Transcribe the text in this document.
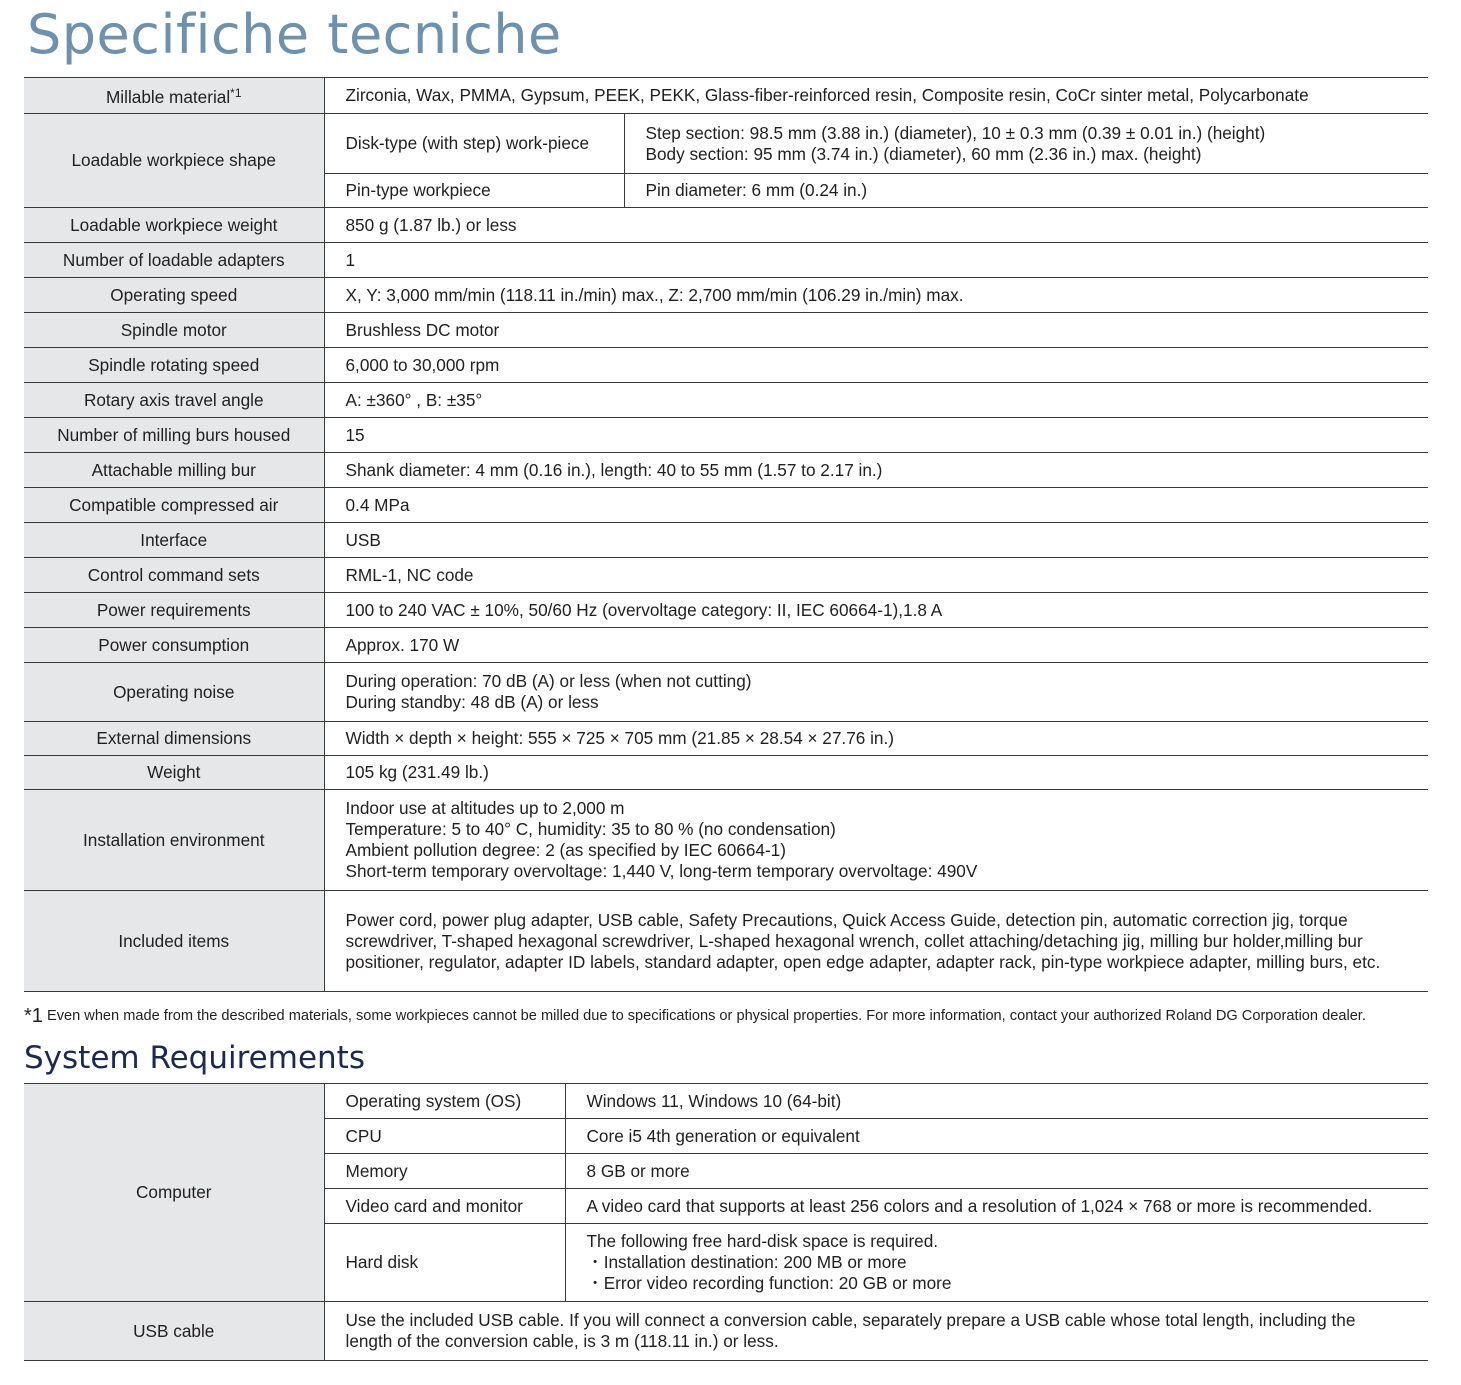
Specifiche tecniche
Millable material$^{*1}$	Zirconia, Wax, PMMA, Gypsum, PEEK, PEKK, Glass-fiber-reinforced resin, Composite resin, CoCr sinter metal, Polycarbonate	
Loadable workpiece shape	Disk-type (with step) work-piece	Step section: 98.5 mm (3.88 in.) (diameter), 10 ± 0.3 mm (0.39 ± 0.01 in.) (height)
Body section: 95 mm (3.74 in.) (diameter), 60 mm (2.36 in.) max. (height)

	Pin-type workpiece	Pin diameter: 6 mm (0.24 in.)
Loadable workpiece weight	850 g (1.87 lb.) or less	
Number of loadable adapters	1	
Operating speed	X, Y: 3,000 mm/min (118.11 in./min) max., Z: 2,700 mm/min (106.29 in./min) max.	
Spindle motor	Brushless DC motor	
Spindle rotating speed	6,000 to 30,000 rpm	
Rotary axis travel angle	A: ±360° , B: ±35°	
Number of milling burs housed	15	
Attachable milling bur	Shank diameter: 4 mm (0.16 in.), length: 40 to 55 mm (1.57 to 2.17 in.)	
Compatible compressed air	0.4 MPa	
Interface	USB	
Control command sets	RML-1, NC code	
Power requirements	100 to 240 VAC ± 10%, 50/60 Hz (overvoltage category: II, IEC 60664-1),1.8 A	
Power consumption	Approx. 170 W	
Operating noise	During operation: 70 dB (A) or less (when not cutting)
During standby: 48 dB (A) or less	

External dimensions	Width × depth × height: 555 × 725 × 705 mm (21.85 × 28.54 × 27.76 in.)	
Weight	105 kg (231.49 lb.)	
Installation environment	Indoor use at altitudes up to 2,000 m
Temperature: 5 to 40° C, humidity: 35 to 80 % (no condensation)
Ambient pollution degree: 2 (as specified by IEC 60664-1)
Short-term temporary overvoltage: 1,440 V, long-term temporary overvoltage: 490V	

Included items	Power cord, power plug adapter, USB cable, Safety Precautions, Quick Access Guide, detection pin, automatic correction jig, torque screwdriver, T-shaped hexagonal screwdriver, L-shaped hexagonal wrench, collet attaching/detaching jig, milling bur holder,milling bur positioner, regulator, adapter ID labels, standard adapter, open edge adapter, adapter rack, pin-type workpiece adapter, milling burs, etc.	

*1 Even when made from the described materials, some workpieces cannot be milled due to specifications or physical properties. For more information, contact your authorized Roland DG Corporation dealer.

System Requirements
Computer	Operating system (OS)	Windows 11, Windows 10 (64-bit)
	CPU	Core i5 4th generation or equivalent
	Memory	8 GB or more
	Video card and monitor	A video card that supports at least 256 colors and a resolution of 1,024 × 768 or more is recommended.
	Hard disk	The following free hard-disk space is required.
・Installation destination: 200 MB or more
・Error video recording function: 20 GB or more

USB cable	Use the included USB cable. If you will connect a conversion cable, separately prepare a USB cable whose total length, including the length of the conversion cable, is 3 m (118.11 in.) or less.	
